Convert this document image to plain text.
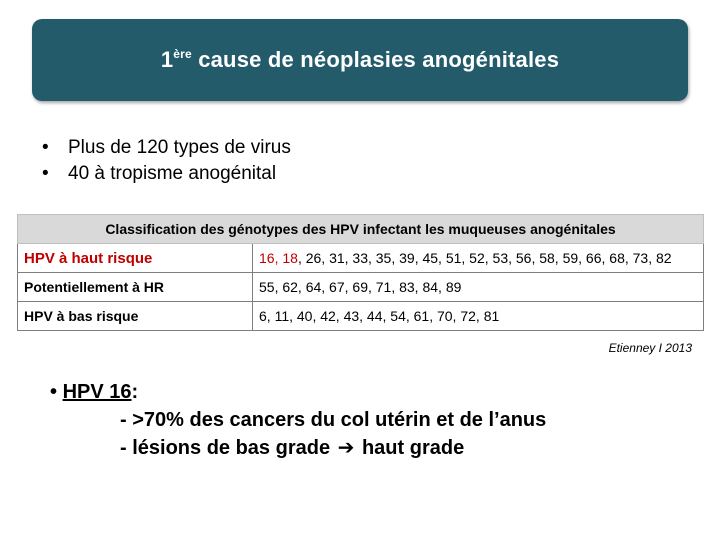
1ère cause de néoplasies anogénitales
• Plus de 120 types de virus
• 40 à tropisme anogénital
Classification des génotypes des HPV infectant les muqueuses anogénitales	
HPV à haut risque	16, 18, 26, 31, 33, 35, 39, 45, 51, 52, 53, 56, 58, 59, 66, 68, 73, 82
Potentiellement à HR	55, 62, 64, 67, 69, 71, 83, 84, 89
HPV à bas risque	6, 11, 40, 42, 43, 44, 54, 61, 70, 72, 81
Etienney I 2013
• HPV 16:
- >70% des cancers du col utérin et de l’anus
- lésions de bas grade ➔ haut grade
